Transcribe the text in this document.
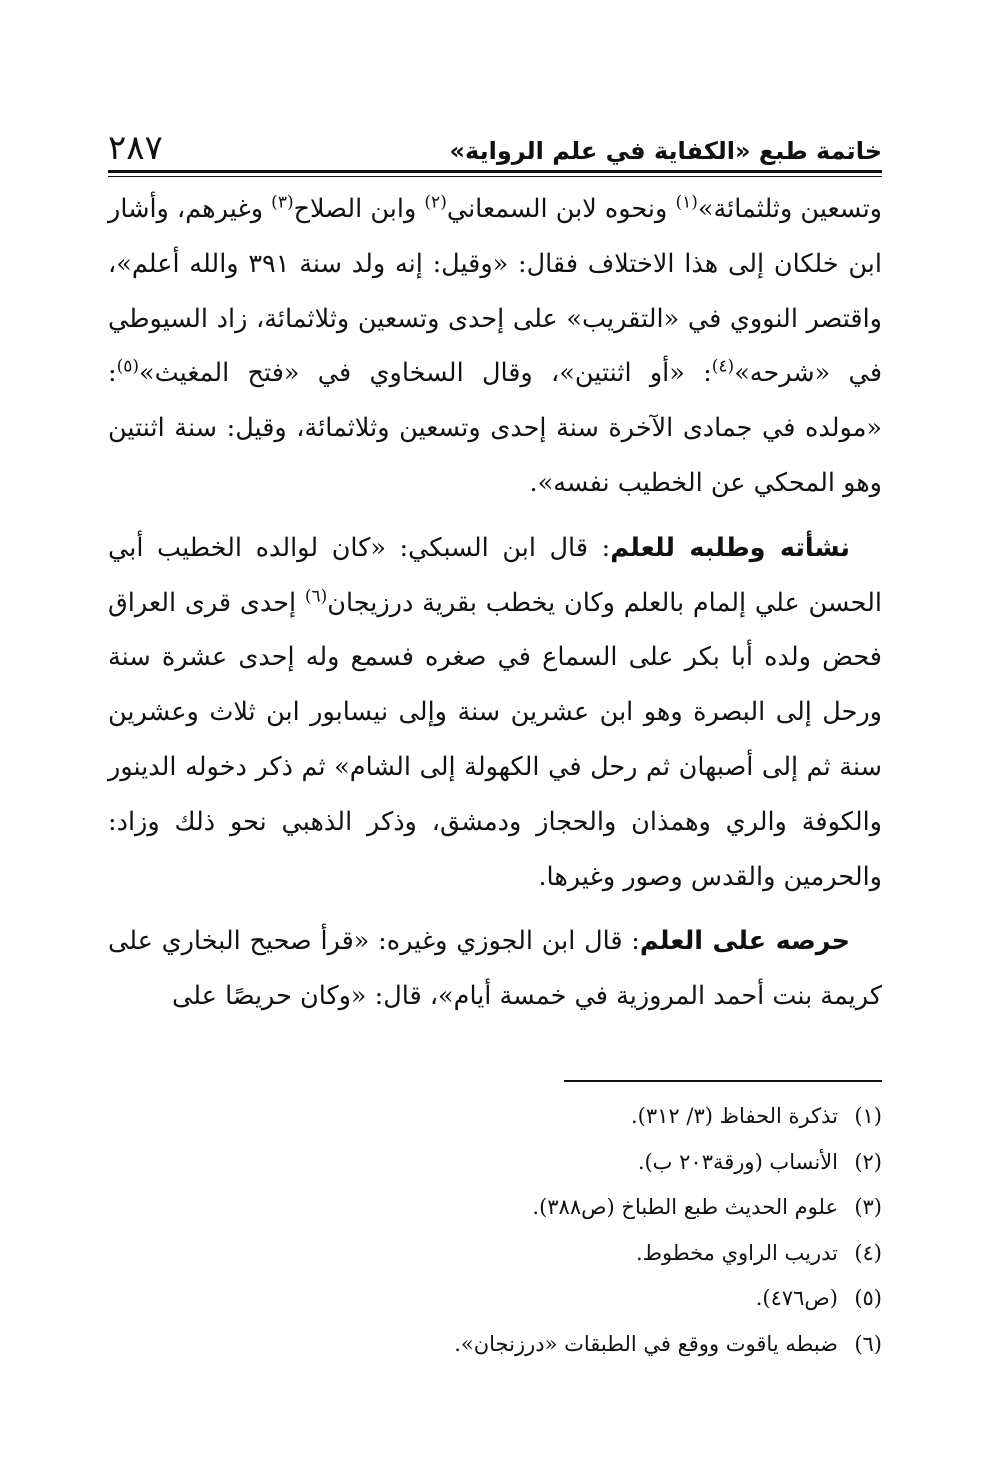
خاتمة طبع «الكفاية في علم الرواية»
٢٨٧

وتسعين وثلثمائة»$^{(١)}$ ونحوه لابن السمعاني$^{(٢)}$ وابن الصلاح$^{(٣)}$ وغيرهم، وأشار ابن خلكان إلى هذا الاختلاف فقال: «وقيل: إنه ولد سنة ٣٩١ والله أعلم»، واقتصر النووي في «التقريب» على إحدى وتسعين وثلاثمائة، زاد السيوطي في «شرحه»$^{(٤)}$: «أو اثنتين»، وقال السخاوي في «فتح المغيث»$^{(٥)}$: «مولده في جمادى الآخرة سنة إحدى وتسعين وثلاثمائة، وقيل: سنة اثنتين وهو المحكي عن الخطيب نفسه».

نشأته وطلبه للعلم: قال ابن السبكي: «كان لوالده الخطيب أبي الحسن علي إلمام بالعلم وكان يخطب بقرية درزيجان$^{(٦)}$ إحدى قرى العراق فحض ولده أبا بكر على السماع في صغره فسمع وله إحدى عشرة سنة ورحل إلى البصرة وهو ابن عشرين سنة وإلى نيسابور ابن ثلاث وعشرين سنة ثم إلى أصبهان ثم رحل في الكهولة إلى الشام» ثم ذكر دخوله الدينور والكوفة والري وهمذان والحجاز ودمشق، وذكر الذهبي نحو ذلك وزاد: والحرمين والقدس وصور وغيرها.

حرصه على العلم: قال ابن الجوزي وغيره: «قرأ صحيح البخاري على كريمة بنت أحمد المروزية في خمسة أيام»، قال: «وكان حريصًا على

(١)
تذكرة الحفاظ (٣/ ٣١٢).
(٢)
الأنساب (ورقة٢٠٣ ب).
(٣)
علوم الحديث طبع الطباخ (ص٣٨٨).
(٤)
تدريب الراوي مخطوط.
(٥)
(ص٤٧٦).
(٦)
ضبطه ياقوت ووقع في الطبقات «درزنجان».
